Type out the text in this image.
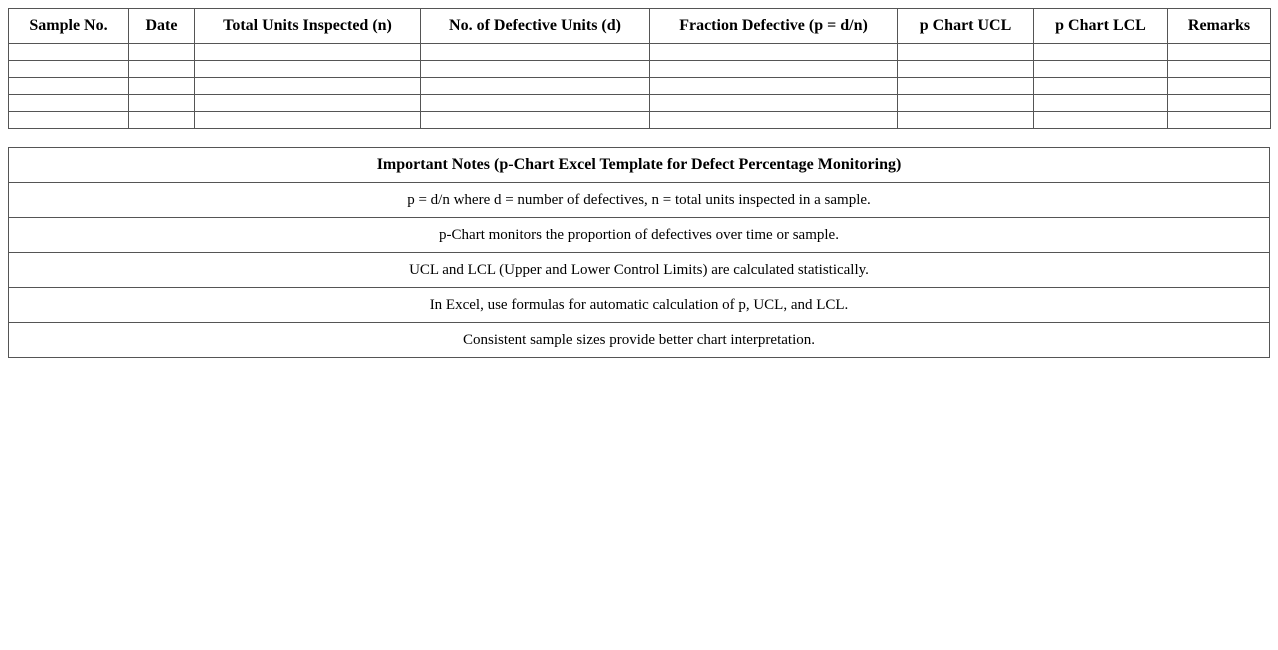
Sample No.	Date	Total Units Inspected (n)	No. of Defective Units (d)	Fraction Defective (p = d/n)	p Chart UCL	p Chart LCL	Remarks

Important Notes (p-Chart Excel Template for Defect Percentage Monitoring)
p = d/n where d = number of defectives, n = total units inspected in a sample.
p-Chart monitors the proportion of defectives over time or sample.
UCL and LCL (Upper and Lower Control Limits) are calculated statistically.
In Excel, use formulas for automatic calculation of p, UCL, and LCL.
Consistent sample sizes provide better chart interpretation.
